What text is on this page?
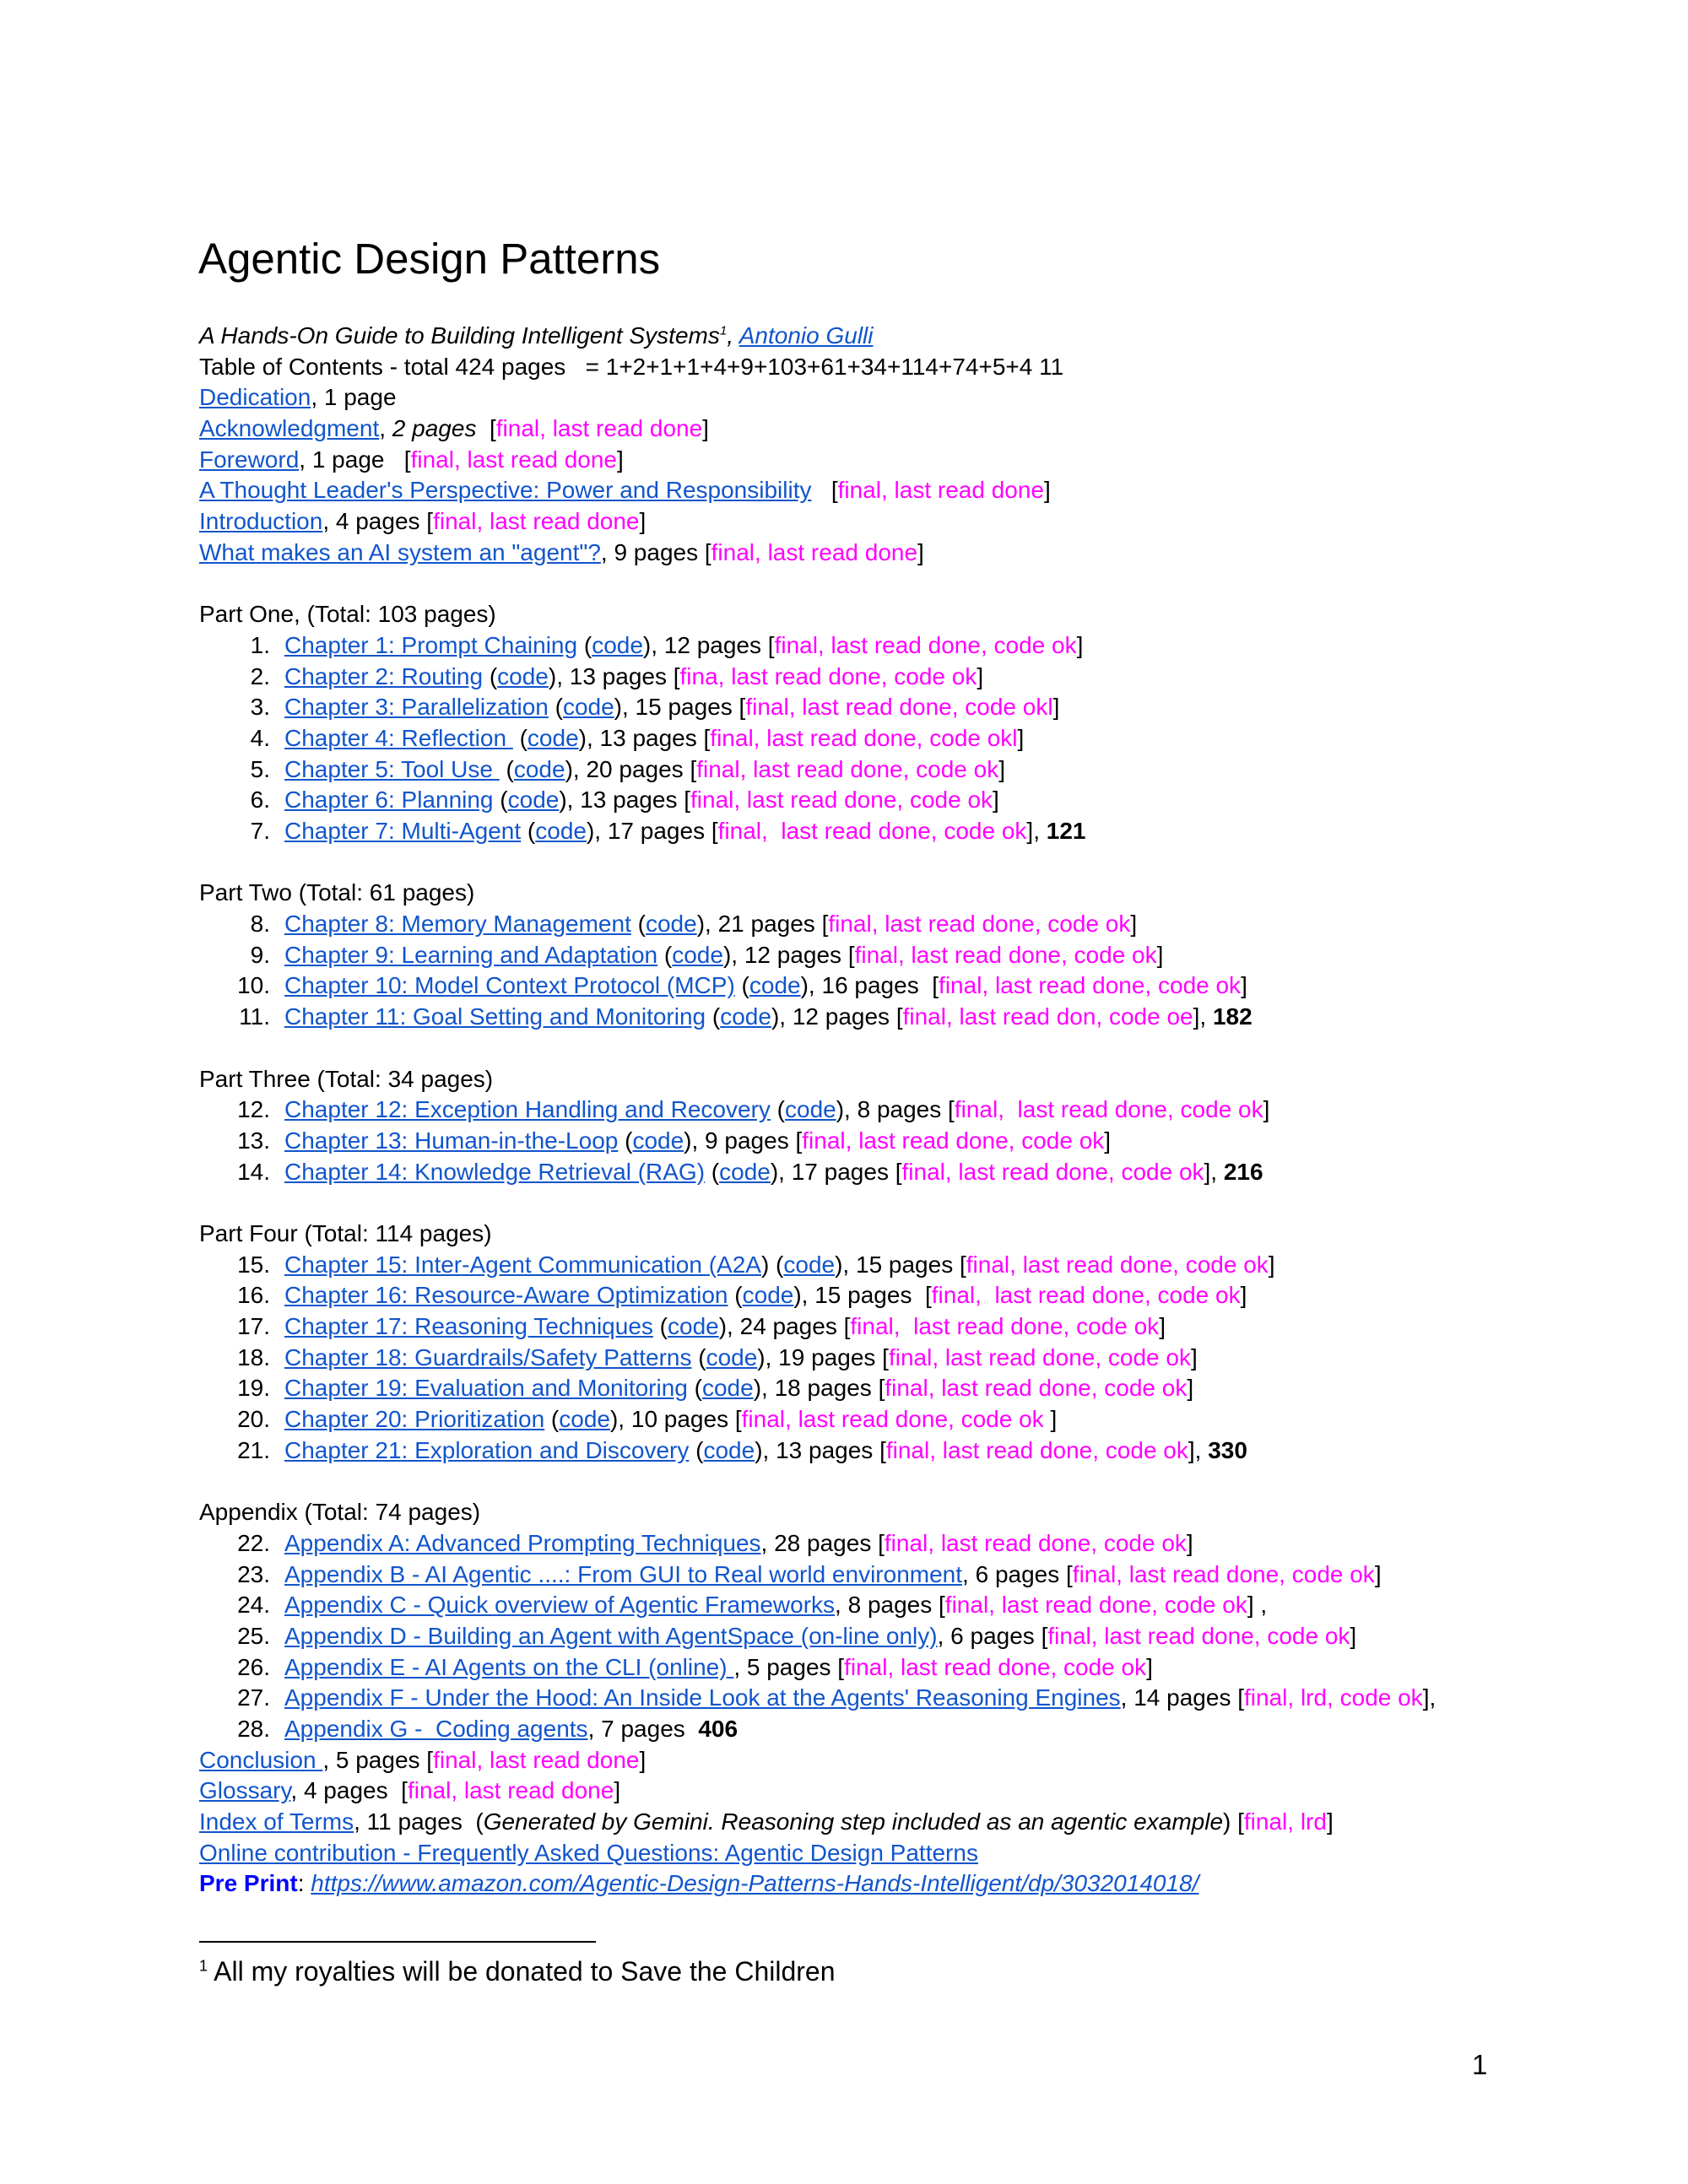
Agentic Design Patterns
A Hands-On Guide to Building Intelligent Systems$^1$, Antonio Gulli
Table of Contents - total 424 pages   = 1+2+1+1+4+9+103+61+34+114+74+5+4 11
Dedication, 1 page
Acknowledgment, 2 pages  [final, last read done]
Foreword, 1 page   [final, last read done]
A Thought Leader's Perspective: Power and Responsibility   [final, last read done]
Introduction, 4 pages [final, last read done]
What makes an AI system an "agent"?, 9 pages [final, last read done]
Part One, (Total: 103 pages)
1. Chapter 1: Prompt Chaining (code), 12 pages [final, last read done, code ok]
2. Chapter 2: Routing (code), 13 pages [fina, last read done, code ok]
3. Chapter 3: Parallelization (code), 15 pages [final, last read done, code okl]
4. Chapter 4: Reflection  (code), 13 pages [final, last read done, code okl]
5. Chapter 5: Tool Use  (code), 20 pages [final, last read done, code ok]
6. Chapter 6: Planning (code), 13 pages [final, last read done, code ok]
7. Chapter 7: Multi-Agent (code), 17 pages [final,  last read done, code ok], 121
Part Two (Total: 61 pages)
8. Chapter 8: Memory Management (code), 21 pages [final, last read done, code ok]
9. Chapter 9: Learning and Adaptation (code), 12 pages [final, last read done, code ok]
10. Chapter 10: Model Context Protocol (MCP) (code), 16 pages  [final, last read done, code ok]
11. Chapter 11: Goal Setting and Monitoring (code), 12 pages [final, last read don, code oe], 182
Part Three (Total: 34 pages)
12. Chapter 12: Exception Handling and Recovery (code), 8 pages [final,  last read done, code ok]
13. Chapter 13: Human-in-the-Loop (code), 9 pages [final, last read done, code ok]
14. Chapter 14: Knowledge Retrieval (RAG) (code), 17 pages [final, last read done, code ok], 216
Part Four (Total: 114 pages)
15. Chapter 15: Inter-Agent Communication (A2A) (code), 15 pages [final, last read done, code ok]
16. Chapter 16: Resource-Aware Optimization (code), 15 pages  [final,  last read done, code ok]
17. Chapter 17: Reasoning Techniques (code), 24 pages [final,  last read done, code ok]
18. Chapter 18: Guardrails/Safety Patterns (code), 19 pages [final, last read done, code ok]
19. Chapter 19: Evaluation and Monitoring (code), 18 pages [final, last read done, code ok]
20. Chapter 20: Prioritization (code), 10 pages [final, last read done, code ok ]
21. Chapter 21: Exploration and Discovery (code), 13 pages [final, last read done, code ok], 330
Appendix (Total: 74 pages)
22. Appendix A: Advanced Prompting Techniques, 28 pages [final, last read done, code ok]
23. Appendix B - AI Agentic ....: From GUI to Real world environment, 6 pages [final, last read done, code ok]
24. Appendix C - Quick overview of Agentic Frameworks, 8 pages [final, last read done, code ok] ,
25. Appendix D - Building an Agent with AgentSpace (on-line only), 6 pages [final, last read done, code ok]
26. Appendix E - AI Agents on the CLI (online) , 5 pages [final, last read done, code ok]
27. Appendix F - Under the Hood: An Inside Look at the Agents' Reasoning Engines, 14 pages [final, lrd, code ok],
28. Appendix G -  Coding agents, 7 pages  406
Conclusion , 5 pages [final, last read done]
Glossary, 4 pages  [final, last read done]
Index of Terms, 11 pages  (Generated by Gemini. Reasoning step included as an agentic example) [final, lrd]
Online contribution - Frequently Asked Questions: Agentic Design Patterns
Pre Print: https://www.amazon.com/Agentic-Design-Patterns-Hands-Intelligent/dp/3032014018/
$^1$ All my royalties will be donated to Save the Children
1
